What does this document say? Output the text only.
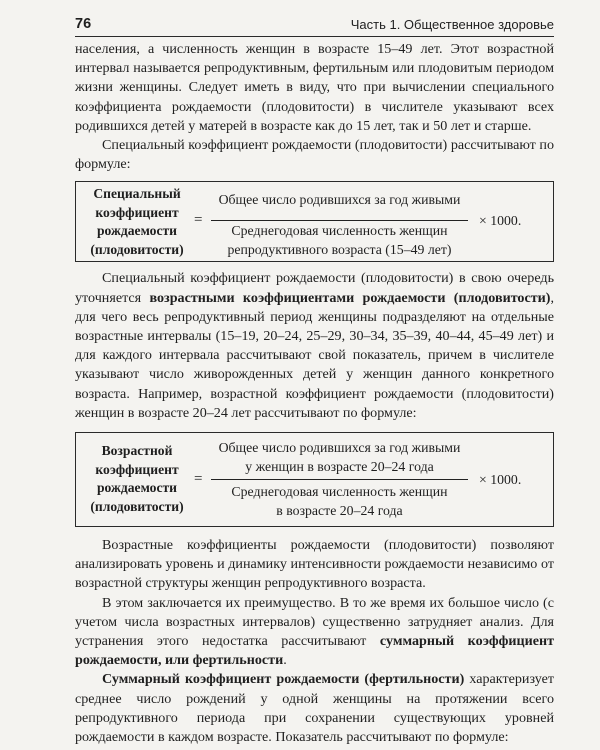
76	Часть 1. Общественное здоровье

населения, а численность женщин в возрасте 15–49 лет. Этот возрастной интервал называется репродуктивным, фертильным или плодовитым периодом жизни женщины. Следует иметь в виду, что при вычислении специального коэффициента рождаемости (плодовитости) в числителе указывают всех родившихся детей у матерей в возрасте как до 15 лет, так и 50 лет и старше.

Специальный коэффициент рождаемости (плодовитости) рассчитывают по формуле:

Специальный
коэффициент
рождаемости
(плодовитости)
=
Общее число родившихся за год живыми
Среднегодовая численность женщин
репродуктивного возраста (15–49 лет)
× 1000.

Специальный коэффициент рождаемости (плодовитости) в свою очередь уточняется возрастными коэффициентами рождаемости (плодовитости), для чего весь репродуктивный период женщины подразделяют на отдельные возрастные интервалы (15–19, 20–24, 25–29, 30–34, 35–39, 40–44, 45–49 лет) и для каждого интервала рассчитывают свой показатель, причем в числителе указывают число живорожденных детей у женщин данного конкретного возраста. Например, возрастной коэффициент рождаемости (плодовитости) женщин в возрасте 20–24 лет рассчитывают по формуле:

Возрастной
коэффициент
рождаемости
(плодовитости)
=
Общее число родившихся за год живыми
у женщин в возрасте 20–24 года
Среднегодовая численность женщин
в возрасте 20–24 года
× 1000.

Возрастные коэффициенты рождаемости (плодовитости) позволяют анализировать уровень и динамику интенсивности рождаемости независимо от возрастной структуры женщин репродуктивного возраста.

В этом заключается их преимущество. В то же время их большое число (с учетом числа возрастных интервалов) существенно затрудняет анализ. Для устранения этого недостатка рассчитывают суммарный коэффициент рождаемости, или фертильности.

Суммарный коэффициент рождаемости (фертильности) характеризует среднее число рождений у одной женщины на протяжении всего репродуктивного периода при сохранении существующих уровней рождаемости в каждом возрасте. Показатель рассчитывают по формуле:
